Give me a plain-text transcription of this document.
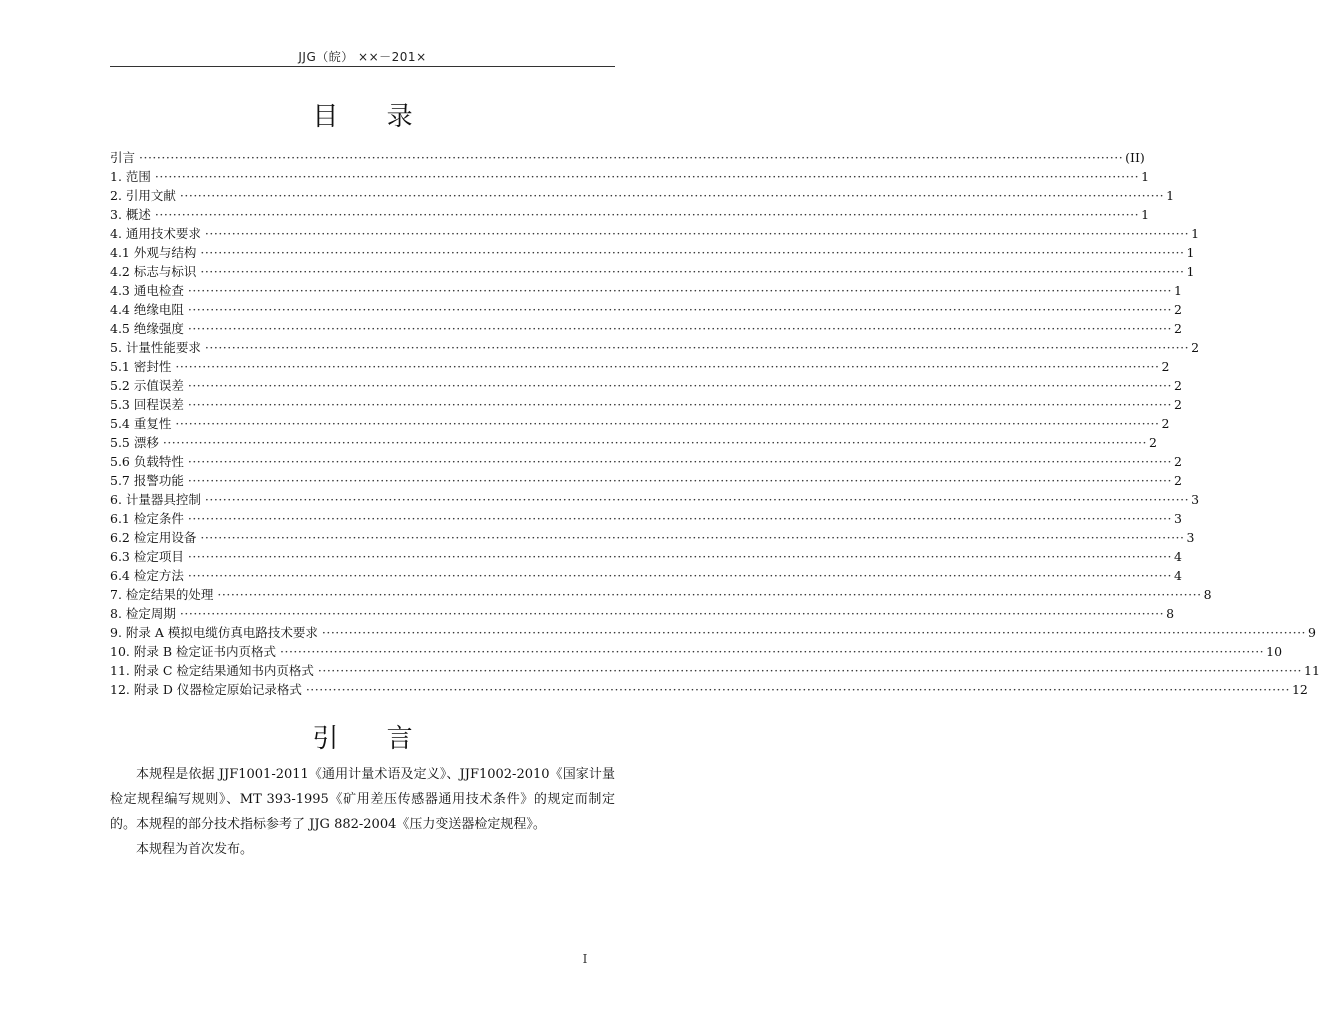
JJG（皖） ××－201×
目 录
引言 ···························································································································································································································· (II)
1. 范围 ···························································································································································································································· 1
2. 引用文献 ···························································································································································································································· 1
3. 概述 ···························································································································································································································· 1
4. 通用技术要求 ···························································································································································································································· 1
4.1 外观与结构 ···························································································································································································································· 1
4.2 标志与标识 ···························································································································································································································· 1
4.3 通电检查 ···························································································································································································································· 1
4.4 绝缘电阻 ···························································································································································································································· 2
4.5 绝缘强度 ···························································································································································································································· 2
5. 计量性能要求 ···························································································································································································································· 2
5.1 密封性 ···························································································································································································································· 2
5.2 示值误差 ···························································································································································································································· 2
5.3 回程误差 ···························································································································································································································· 2
5.4 重复性 ···························································································································································································································· 2
5.5 漂移 ···························································································································································································································· 2
5.6 负载特性 ···························································································································································································································· 2
5.7 报警功能 ···························································································································································································································· 2
6. 计量器具控制 ···························································································································································································································· 3
6.1 检定条件 ···························································································································································································································· 3
6.2 检定用设备 ···························································································································································································································· 3
6.3 检定项目 ···························································································································································································································· 4
6.4 检定方法 ···························································································································································································································· 4
7. 检定结果的处理 ···························································································································································································································· 8
8. 检定周期 ···························································································································································································································· 8
9. 附录 A 模拟电缆仿真电路技术要求 ···························································································································································································································· 9
10. 附录 B 检定证书内页格式 ···························································································································································································································· 10
11. 附录 C 检定结果通知书内页格式 ···························································································································································································································· 11
12. 附录 D 仪器检定原始记录格式 ···························································································································································································································· 12
引 言

本规程是依据 JJF1001-2011《通用计量术语及定义》、JJF1002-2010《国家计量检定规程编写规则》、MT 393-1995《矿用差压传感器通用技术条件》的规定而制定的。本规程的部分技术指标参考了 JJG 882-2004《压力变送器检定规程》。

本规程为首次发布。

I
